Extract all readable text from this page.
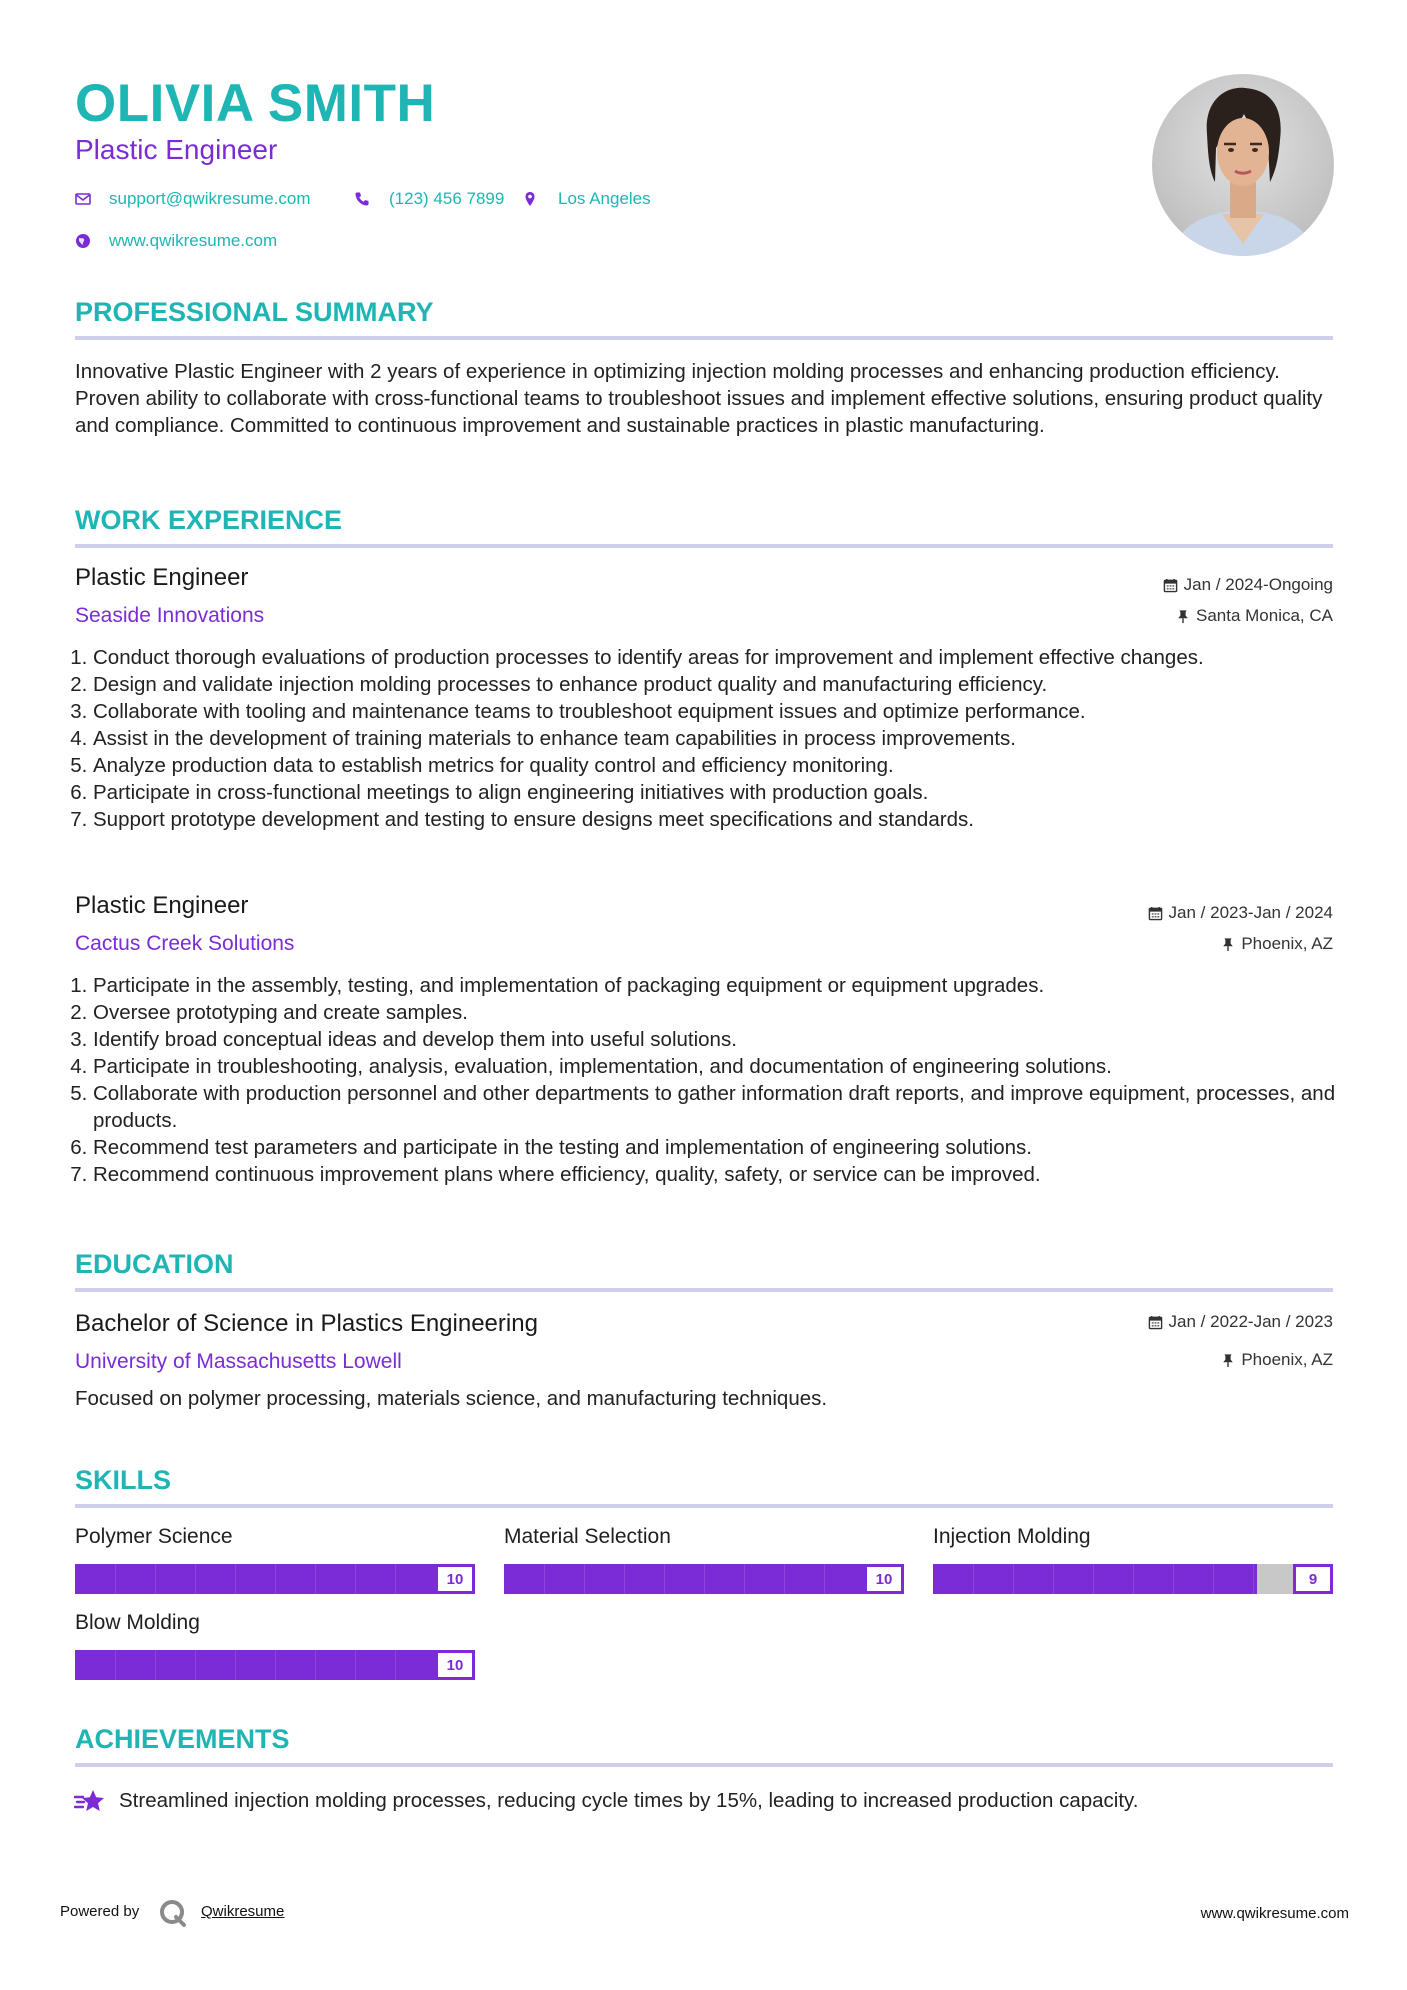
OLIVIA SMITH
Plastic Engineer
support@qwikresume.com	(123) 456 7899	Los Angeles
www.qwikresume.com
PROFESSIONAL SUMMARY
Innovative Plastic Engineer with 2 years of experience in optimizing injection molding processes and enhancing production efficiency. Proven ability to collaborate with cross-functional teams to troubleshoot issues and implement effective solutions, ensuring product quality and compliance. Committed to continuous improvement and sustainable practices in plastic manufacturing.
WORK EXPERIENCE
Plastic Engineer
Seaside Innovations
Jan / 2024-Ongoing
Santa Monica, CA
1. Conduct thorough evaluations of production processes to identify areas for improvement and implement effective changes.
2. Design and validate injection molding processes to enhance product quality and manufacturing efficiency.
3. Collaborate with tooling and maintenance teams to troubleshoot equipment issues and optimize performance.
4. Assist in the development of training materials to enhance team capabilities in process improvements.
5. Analyze production data to establish metrics for quality control and efficiency monitoring.
6. Participate in cross-functional meetings to align engineering initiatives with production goals.
7. Support prototype development and testing to ensure designs meet specifications and standards.
Plastic Engineer
Cactus Creek Solutions
Jan / 2023-Jan / 2024
Phoenix, AZ
1. Participate in the assembly, testing, and implementation of packaging equipment or equipment upgrades.
2. Oversee prototyping and create samples.
3. Identify broad conceptual ideas and develop them into useful solutions.
4. Participate in troubleshooting, analysis, evaluation, implementation, and documentation of engineering solutions.
5. Collaborate with production personnel and other departments to gather information draft reports, and improve equipment, processes, and products.
6. Recommend test parameters and participate in the testing and implementation of engineering solutions.
7. Recommend continuous improvement plans where efficiency, quality, safety, or service can be improved.
EDUCATION
Bachelor of Science in Plastics Engineering
University of Massachusetts Lowell
Jan / 2022-Jan / 2023
Phoenix, AZ
Focused on polymer processing, materials science, and manufacturing techniques.
SKILLS
Polymer Science
10
Material Selection
10
Injection Molding
9
Blow Molding
10
ACHIEVEMENTS
Streamlined injection molding processes, reducing cycle times by 15%, leading to increased production capacity.
Powered by	Qwikresume	www.qwikresume.com
